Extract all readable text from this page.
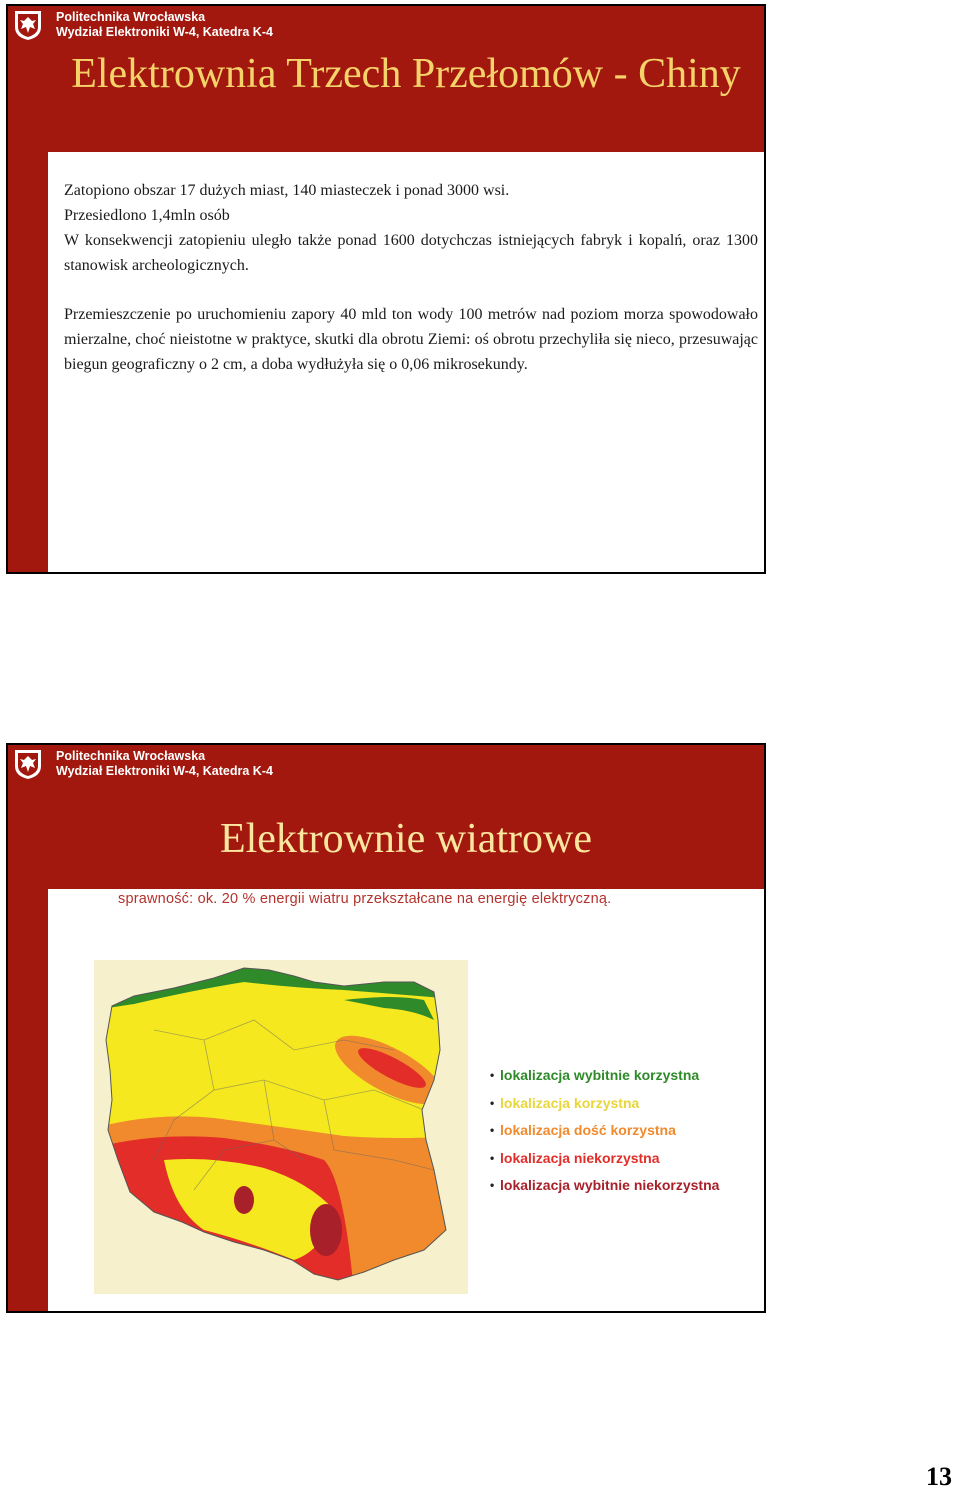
Politechnika Wrocławska
Wydział Elektroniki W-4, Katedra K-4
Elektrownia Trzech Przełomów - Chiny

Zatopiono obszar 17 dużych miast, 140 miasteczek i ponad 3000 wsi.

Przesiedlono 1,4mln osób

W konsekwencji zatopieniu uległo także ponad 1600 dotychczas istniejących fabryk i kopalń, oraz 1300 stanowisk archeologicznych.

Przemieszczenie po uruchomieniu zapory 40 mld ton wody 100 metrów nad poziom morza spowodowało mierzalne, choć nieistotne w praktyce, skutki dla obrotu Ziemi: oś obrotu przechyliła się nieco, przesuwając biegun geograficzny o 2 cm, a doba wydłużyła się o 0,06 mikrosekundy.

Politechnika Wrocławska
Wydział Elektroniki W-4, Katedra K-4
Elektrownie wiatrowe
sprawność: ok. 20 % energii wiatru przekształcane na energię elektryczną.
• lokalizacja wybitnie korzystna
• lokalizacja korzystna
• lokalizacja dość korzystna
• lokalizacja niekorzystna
• lokalizacja wybitnie niekorzystna
13
